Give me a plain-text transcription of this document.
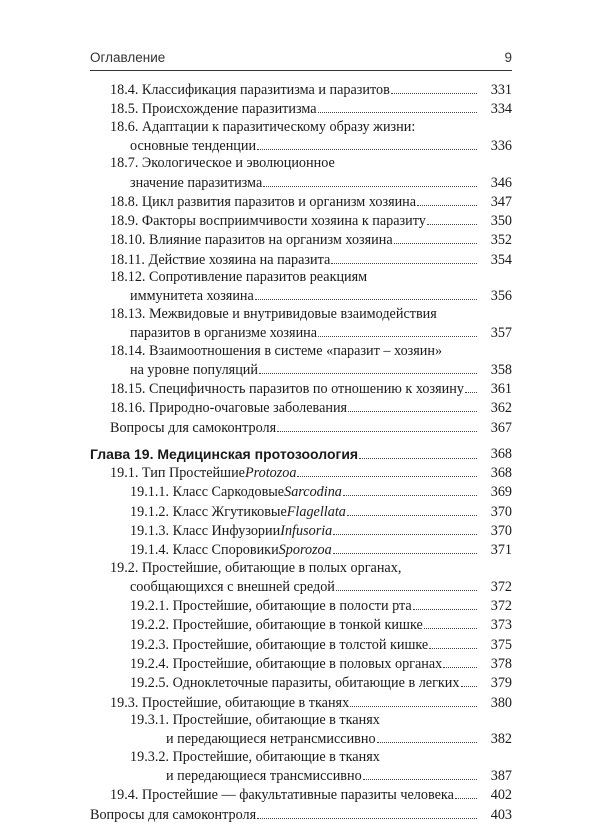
Оглавление	9
18.4. Классификация паразитизма и паразитов	331
18.5. Происхождение паразитизма	334
18.6. Адаптации к паразитическому образу жизни:
основные тенденции	336
18.7. Экологическое и эволюционное
значение паразитизма	346
18.8. Цикл развития паразитов и организм хозяина	347
18.9. Факторы восприимчивости хозяина к паразиту	350
18.10. Влияние паразитов на организм хозяина	352
18.11. Действие хозяина на паразита	354
18.12. Сопротивление паразитов реакциям
иммунитета хозяина	356
18.13. Межвидовые и внутривидовые взаимодействия
паразитов в организме хозяина	357
18.14. Взаимоотношения в системе «паразит – хозяин»
на уровне популяций	358
18.15. Специфичность паразитов по отношению к хозяину	361
18.16. Природно-очаговые заболевания	362
Вопросы для самоконтроля	367
Глава 19. Медицинская протозоология	368
19.1. Тип Простейшие Protozoa	368
19.1.1. Класс Саркодовые Sarcodina	369
19.1.2. Класс Жгутиковые Flagellata	370
19.1.3. Класс Инфузории Infusoria	370
19.1.4. Класс Споровики Sporozoa	371
19.2. Простейшие, обитающие в полых органах,
сообщающихся с внешней средой	372
19.2.1. Простейшие, обитающие в полости рта	372
19.2.2. Простейшие, обитающие в тонкой кишке	373
19.2.3. Простейшие, обитающие в толстой кишке	375
19.2.4. Простейшие, обитающие в половых органах	378
19.2.5. Одноклеточные паразиты, обитающие в легких	379
19.3. Простейшие, обитающие в тканях	380
19.3.1. Простейшие, обитающие в тканях
и передающиеся нетрансмиссивно	382
19.3.2. Простейшие, обитающие в тканях
и передающиеся трансмиссивно	387
19.4. Простейшие — факультативные паразиты человека	402
Вопросы для самоконтроля	403
